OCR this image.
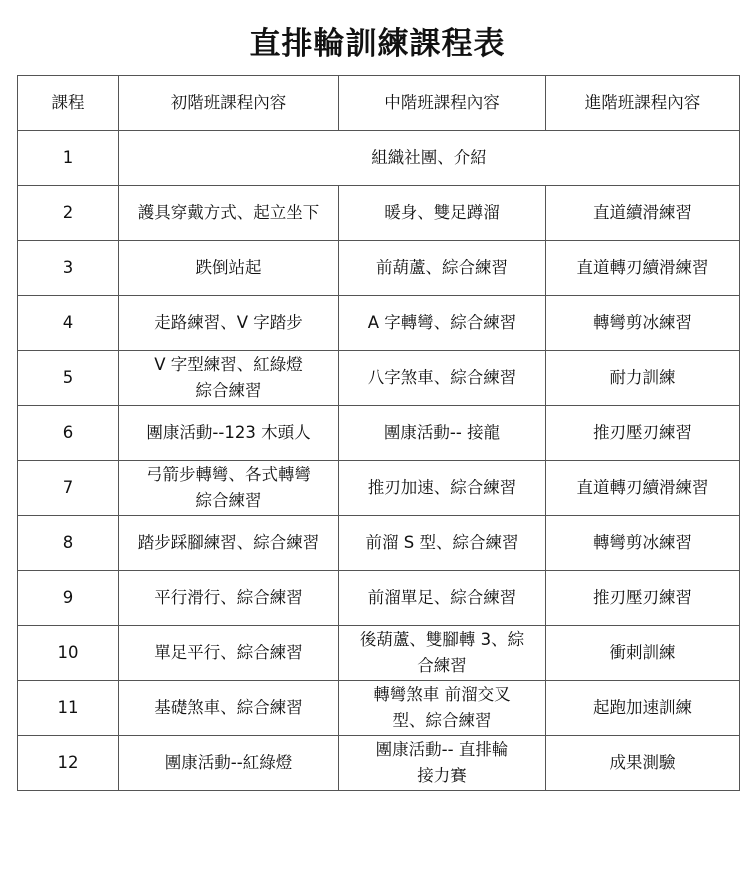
直排輪訓練課程表
課程	初階班課程內容	中階班課程內容	進階班課程內容
1	組織社團、介紹		
2	護具穿戴方式、起立坐下	暖身、雙足蹲溜	直道續滑練習
3	跌倒站起	前葫蘆、綜合練習	直道轉刃續滑練習
4	走路練習、V 字踏步	A 字轉彎、綜合練習	轉彎剪冰練習
5	V 字型練習、紅綠燈
綜合練習	八字煞車、綜合練習	耐力訓練
6	團康活動--123 木頭人	團康活動-- 接龍	推刃壓刃練習
7	弓箭步轉彎、各式轉彎
綜合練習	推刃加速、綜合練習	直道轉刃續滑練習
8	踏步踩腳練習、綜合練習	前溜 S 型、綜合練習	轉彎剪冰練習
9	平行滑行、綜合練習	前溜單足、綜合練習	推刃壓刃練習
10	單足平行、綜合練習	後葫蘆、雙腳轉 3、綜
合練習	衝刺訓練
11	基礎煞車、綜合練習	轉彎煞車 前溜交叉
型、綜合練習	起跑加速訓練
12	團康活動--紅綠燈	團康活動-- 直排輪
接力賽	成果測驗
